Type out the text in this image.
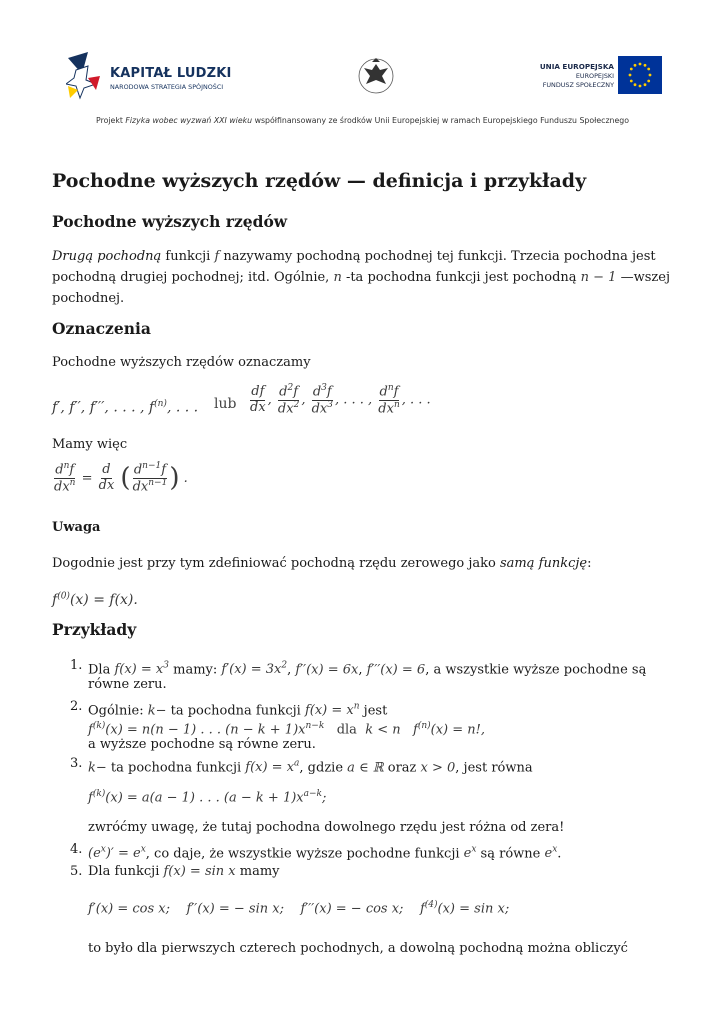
KAPITAŁ LUDZKI
NARODOWA STRATEGIA SPÓJNOŚCI
UNIA EUROPEJSKA
EUROPEJSKI
FUNDUSZ SPOŁECZNY
Projekt Fizyka wobec wyzwań XXI wieku współfinansowany ze środków Unii Europejskiej w ramach Europejskiego Funduszu Społecznego
Pochodne wyższych rzędów — definicja i przykłady
Pochodne wyższych rzędów
Drugą pochodną funkcji f nazywamy pochodną pochodnej tej funkcji. Trzecia pochodna jest
pochodną drugiej pochodnej; itd. Ogólnie, n -ta pochodna funkcji jest pochodną n − 1 —wszej
pochodnej.
Oznaczenia
Pochodne wyższych rzędów oznaczamy
f′, f′′, f′′′, . . . , $f^{(n)}$, . . . lub $\frac{df}{dx}$ , $\frac{d^2f}{dx^2}$ , $\frac{d^3f}{dx^3}$ , . . . , $\frac{d^nf}{dx^n}$ , . . .
Mamy więc
$\frac{d^nf}{dx^n} = \frac{d}{dx}$ ( $\frac{d^{n-1}f}{dx^{n-1}}$ ) .
Uwaga
Dogodnie jest przy tym zdefiniować pochodną rzędu zerowego jako samą funkcję:
$f^{(0)}(x) = f(x)$.
Przykłady
1. Dla $f(x) = x^3$ mamy: $f'(x) = 3x^2$, f′′(x) = 6x, f′′′(x) = 6, a wszystkie wyższe pochodne są
równe zeru.
2. Ogólnie: k− ta pochodna funkcji $f(x) = x^n$ jest
$f^{(k)}(x) = n(n - 1)$ . . . $(n - k + 1)x^{n-k}$ dla k < n $f^{(n)}(x) = n$!,
a wyższe pochodne są równe zeru.
3. k− ta pochodna funkcji $f(x) = x^a$, gdzie a ∈ ℝ oraz x > 0, jest równa
$f^{(k)}(x) = a(a - 1)$ . . . $(a - k + 1)x^{a-k}$;
zwróćmy uwagę, że tutaj pochodna dowolnego rzędu jest różna od zera!
4. $(e^x)' = e^x$, co daje, że wszystkie wyższe pochodne funkcji $e^x$ są równe $e^x$.
5. Dla funkcji f(x) = sin x mamy
f′(x) = cos x;    f′′(x) = − sin x;    f′′′(x) = − cos x;    $f^{(4)}(x) = \sin x$;
to było dla pierwszych czterech pochodnych, a dowolną pochodną można obliczyć
